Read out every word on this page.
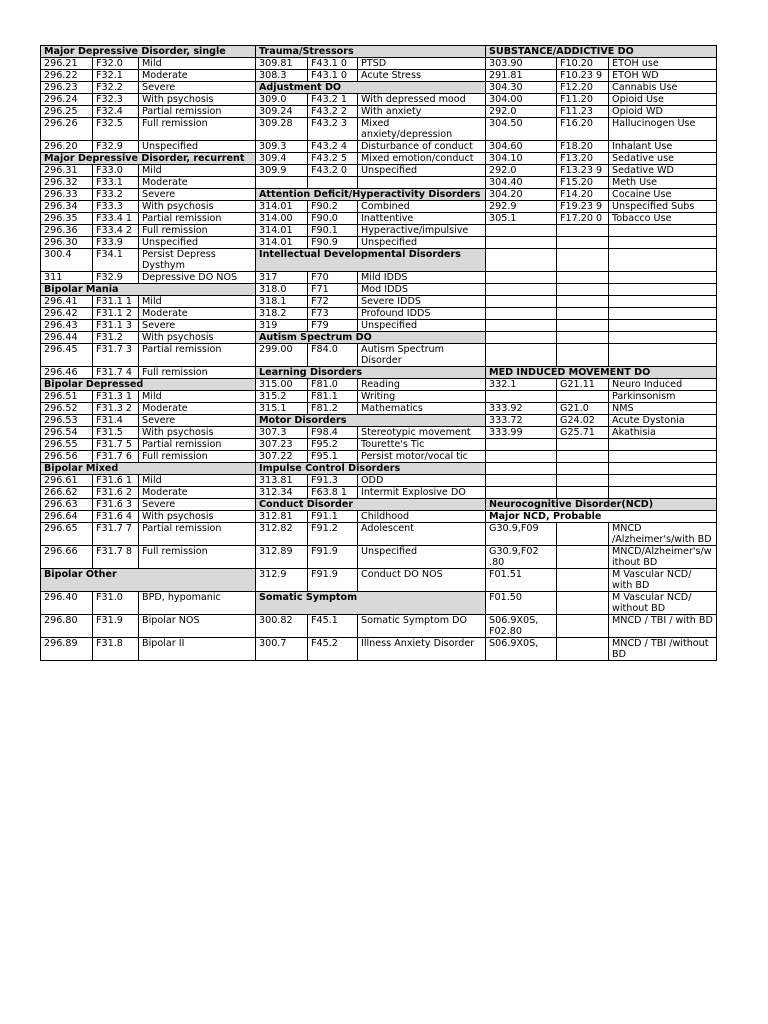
Major Depressive Disorder, single			Trauma/Stressors			SUBSTANCE/ADDICTIVE DO		
296.21	F32.0	Mild	309.81	F43.1 0	PTSD	303.90	F10.20	ETOH use
296.22	F32.1	Moderate	308.3	F43.1 0	Acute Stress	291.81	F10.23 9	ETOH WD
296.23	F32.2	Severe	Adjustment DO			304.30	F12.20	Cannabis Use
296.24	F32.3	With psychosis	309.0	F43.2 1	With depressed mood	304.00	F11.20	Opioid Use
296.25	F32.4	Partial remission	309.24	F43.2 2	With anxiety	292.0	F11.23	Opioid WD
296.26	F32.5	Full remission	309.28	F43.2 3	Mixed anxiety/depression	304.50	F16.20	Hallucinogen Use
296.20	F32.9	Unspecified	309.3	F43.2 4	Disturbance of conduct	304.60	F18.20	Inhalant Use
Major Depressive Disorder, recurrent			309.4	F43.2 5	Mixed emotion/conduct	304.10	F13.20	Sedative use
296.31	F33.0	Mild	309.9	F43.2 0	Unspecified	292.0	F13.23 9	Sedative WD
296.32	F33.1	Moderate				304.40	F15.20	Meth Use
296.33	F33.2	Severe	Attention Deficit/Hyperactivity Disorders			304.20	F14.20	Cocaine Use
296.34	F33.3	With psychosis	314.01	F90.2	Combined	292.9	F19.23 9	Unspecified Subs
296.35	F33.4 1	Partial remission	314.00	F90.0	Inattentive	305.1	F17.20 0	Tobacco Use
296.36	F33.4 2	Full remission	314.01	F90.1	Hyperactive/impulsive			
296.30	F33.9	Unspecified	314.01	F90.9	Unspecified			
300.4	F34.1	Persist Depress Dysthym	Intellectual Developmental Disorders					
311	F32.9	Depressive DO NOS	317	F70	Mild IDDS			
Bipolar Mania			318.0	F71	Mod IDDS			
296.41	F31.1 1	Mild	318.1	F72	Severe IDDS			
296.42	F31.1 2	Moderate	318.2	F73	Profound IDDS			
296.43	F31.1 3	Severe	319	F79	Unspecified			
296.44	F31.2	With psychosis	Autism Spectrum DO					
296.45	F31.7 3	Partial remission	299.00	F84.0	Autism Spectrum Disorder			
296.46	F31.7 4	Full remission	Learning Disorders			MED INDUCED MOVEMENT DO		
Bipolar Depressed			315.00	F81.0	Reading	332.1	G21.11	Neuro Induced
296.51	F31.3 1	Mild	315.2	F81.1	Writing			Parkinsonism
296.52	F31.3 2	Moderate	315.1	F81.2	Mathematics	333.92	G21.0	NMS
296.53	F31.4	Severe	Motor Disorders			333.72	G24.02	Acute Dystonia
296.54	F31.5	With psychosis	307.3	F98.4	Stereotypic movement	333.99	G25.71	Akathisia
296.55	F31.7 5	Partial remission	307.23	F95.2	Tourette's Tic			
296.56	F31.7 6	Full remission	307.22	F95.1	Persist motor/vocal tic			
Bipolar Mixed			Impulse Control Disorders					
296.61	F31.6 1	Mild	313.81	F91.3	ODD			
266.62	F31.6 2	Moderate	312.34	F63.8 1	Intermit Explosive DO			
296.63	F31.6 3	Severe	Conduct Disorder			Neurocognitive Disorder(NCD)		
296.64	F31.6 4	With psychosis	312.81	F91.1	Childhood	Major NCD, Probable		
296.65	F31.7 7	Partial remission	312.82	F91.2	Adolescent	G30.9,F09		MNCD /Alzheimer's/with BD
296.66	F31.7 8	Full remission	312.89	F91.9	Unspecified	G30.9,F02 .80		MNCD/Alzheimer's/without BD
Bipolar Other			312.9	F91.9	Conduct DO NOS	F01.51		M Vascular NCD/ with BD
296.40	F31.0	BPD, hypomanic	Somatic Symptom			F01.50		M Vascular NCD/ without BD
296.80	F31.9	Bipolar NOS	300.82	F45.1	Somatic Symptom DO	S06.9X0S, F02.80		MNCD / TBI / with BD
296.89	F31.8	Bipolar II	300.7	F45.2	Illness Anxiety Disorder	S06.9X0S,		MNCD / TBI /without BD
